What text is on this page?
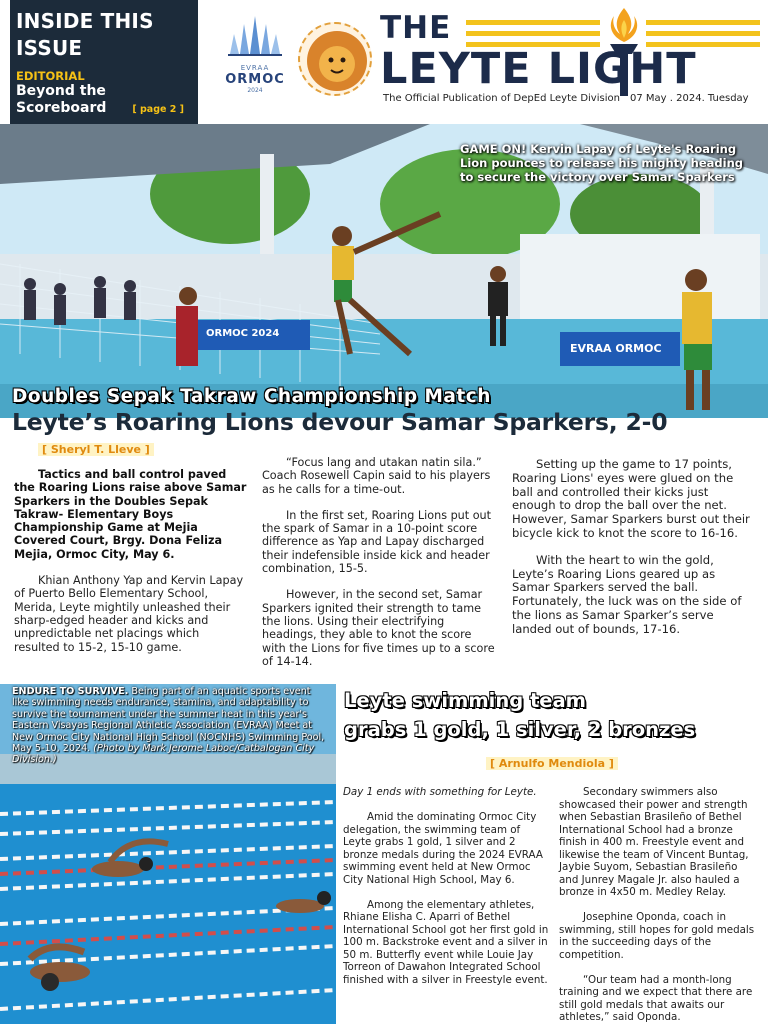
INSIDE THIS ISSUE
EDITORIAL
Beyond the Scoreboard	[ page 2 ]
EVRAA
ORMOC
2024
THE
LEYTE LIGHT
The Official Publication of DepEd Leyte Division 07 May . 2024. Tuesday
ORMOC 2024
EVRAA ORMOC
GAME ON! Kervin Lapay of Leyte's Roaring Lion pounces to release his mighty heading to secure the victory over Samar Sparkers
Doubles Sepak Takraw Championship Match
Leyte’s Roaring Lions devour Samar Sparkers, 2-0
[ Sheryl T. Lleve ]

Tactics and ball control paved the Roaring Lions raise above Samar Sparkers in the Doubles Sepak Takraw- Elementary Boys Championship Game at Mejia Covered Court, Brgy. Dona Feliza Mejia, Ormoc City, May 6.

Khian Anthony Yap and Kervin Lapay of Puerto Bello Elementary School, Merida, Leyte mightily unleashed their sharp-edged header and kicks and unpredictable net placings which resulted to 15-2, 15-10 game.

“Focus lang and utakan natin sila.” Coach Rosewell Capin said to his players as he calls for a time-out.

In the first set, Roaring Lions put out the spark of Samar in a 10-point score difference as Yap and Lapay discharged their indefensible inside kick and header combination, 15-5.

However, in the second set, Samar Sparkers ignited their strength to tame the lions. Using their electrifying headings, they able to knot the score with the Lions for five times up to a score of 14-14.

Setting up the game to 17 points, Roaring Lions' eyes were glued on the ball and controlled their kicks just enough to drop the ball over the net. However, Samar Sparkers burst out their bicycle kick to knot the score to 16-16.

With the heart to win the gold, Leyte’s Roaring Lions geared up as Samar Sparkers served the ball. Fortunately, the luck was on the side of the lions as Samar Sparker’s serve landed out of bounds, 17-16.

ENDURE TO SURVIVE. Being part of an aquatic sports event like swimming needs endurance, stamina, and adaptability to survive the tournament under the summer heat in this year's Eastern Visayas Regional Athletic Association (EVRAA) Meet at New Ormoc City National High School (NOCNHS) Swimming Pool, May 5-10, 2024. (Photo by Mark Jerome Laboc/Catbalogan City Division.)
Leyte swimming team
grabs 1 gold, 1 silver, 2 bronzes
[ Arnulfo Mendiola ]

Day 1 ends with something for Leyte.

Amid the dominating Ormoc City delegation, the swimming team of Leyte grabs 1 gold, 1 silver and 2 bronze medals during the 2024 EVRAA swimming event held at New Ormoc City National High School, May 6.

Among the elementary athletes, Rhiane Elisha C. Aparri of Bethel International School got her first gold in 100 m. Backstroke event and a silver in 50 m. Butterfly event while Louie Jay Torreon of Dawahon Integrated School finished with a silver in Freestyle event.

Secondary swimmers also showcased their power and strength when Sebastian Brasileño of Bethel International School had a bronze finish in 400 m. Freestyle event and likewise the team of Vincent Buntag, Jaybie Suyom, Sebastian Brasileño and Junrey Magale Jr. also hauled a bronze in 4x50 m. Medley Relay.

Josephine Oponda, coach in swimming, still hopes for gold medals in the succeeding days of the competition.

“Our team had a month-long training and we expect that there are still gold medals that awaits our athletes,” said Oponda.
